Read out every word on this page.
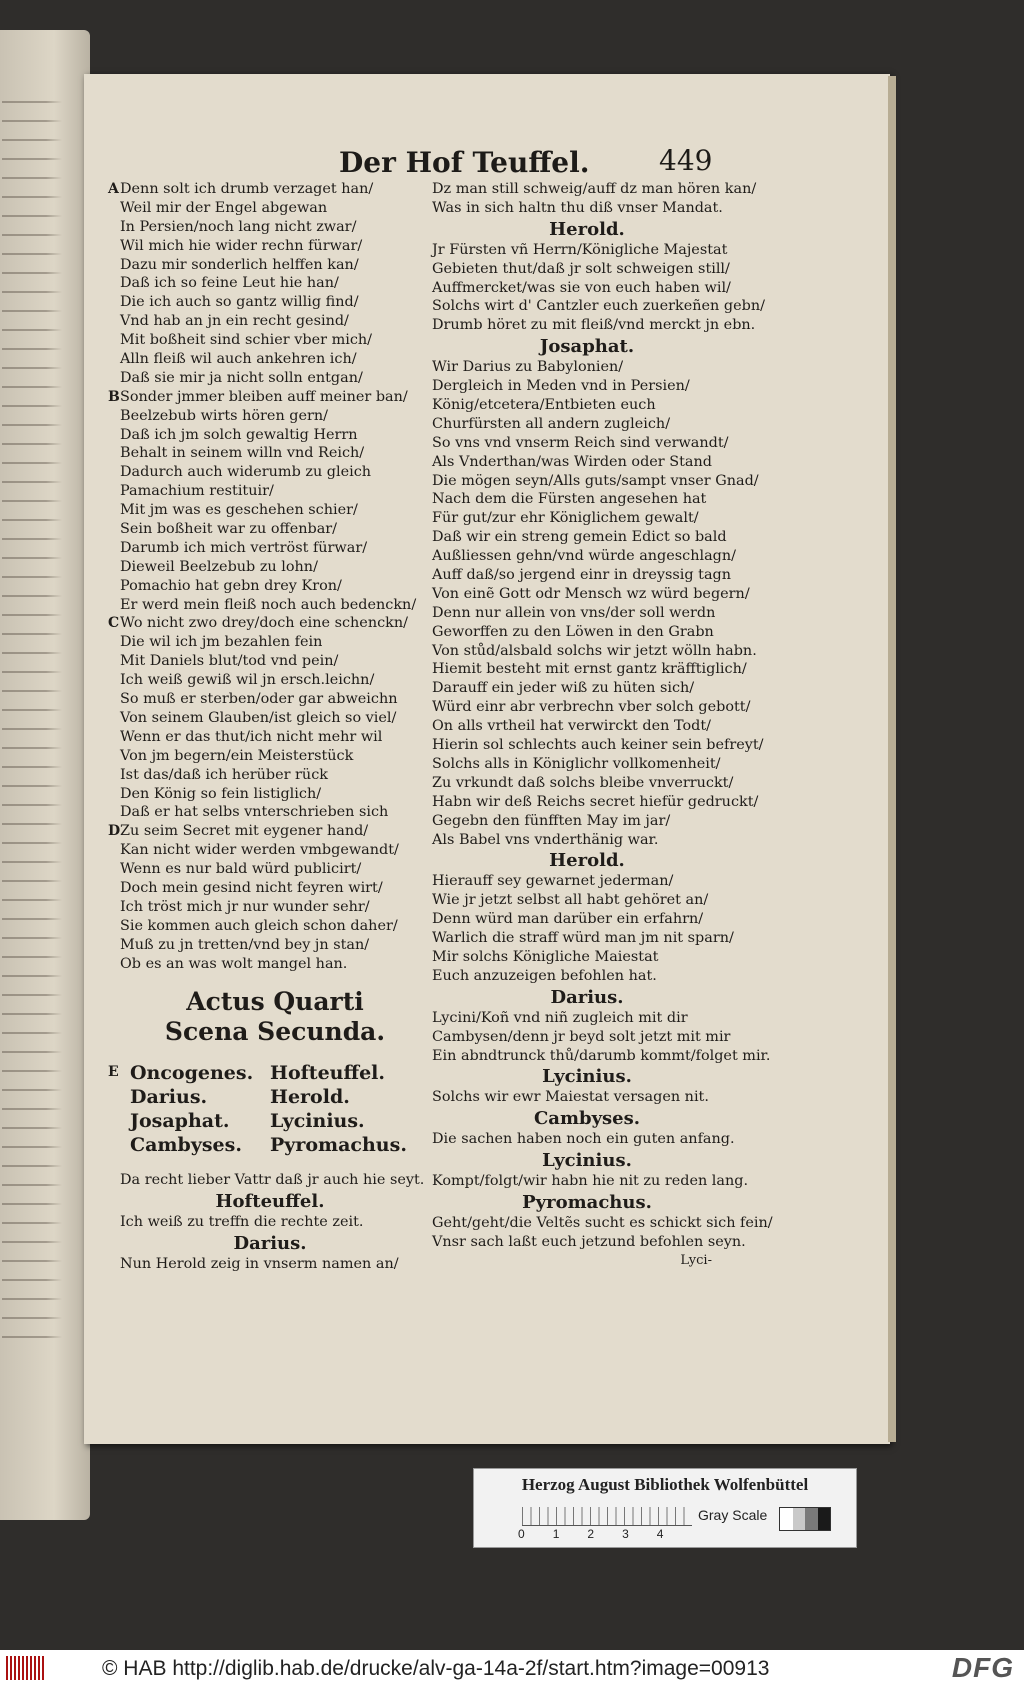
Der Hof Teuffel. 449
A Denn solt ich drumb verzaget han/
Weil mir der Engel abgewan
In Persien/noch lang nicht zwar/
Wil mich hie wider rechn fürwar/
Dazu mir sonderlich helffen kan/
Daß ich so feine Leut hie han/
Die ich auch so gantz willig find/
Vnd hab an jn ein recht gesind/
Mit boßheit sind schier vber mich/
Alln fleiß wil auch ankehren ich/
Daß sie mir ja nicht solln entgan/
B Sonder jmmer bleiben auff meiner ban/
Beelzebub wirts hören gern/
Daß ich jm solch gewaltig Herrn
Behalt in seinem willn vnd Reich/
Dadurch auch widerumb zu gleich
Pamachium restituir/
Mit jm was es geschehen schier/
Sein boßheit war zu offenbar/
Darumb ich mich vertröst fürwar/
Dieweil Beelzebub zu lohn/
Pomachio hat gebn drey Kron/
Er werd mein fleiß noch auch bedenckn/
C Wo nicht zwo drey/doch eine schenckn/
Die wil ich jm bezahlen fein
Mit Daniels blut/tod vnd pein/
Ich weiß gewiß wil jn ersch.leichn/
So muß er sterben/oder gar abweichn
Von seinem Glauben/ist gleich so viel/
Wenn er das thut/ich nicht mehr wil
Von jm begern/ein Meisterstück
Ist das/daß ich herüber rück
Den König so fein listiglich/
Daß er hat selbs vnterschrieben sich
D Zu seim Secret mit eygener hand/
Kan nicht wider werden vmbgewandt/
Wenn es nur bald würd publicirt/
Doch mein gesind nicht feyren wirt/
Ich tröst mich jr nur wunder sehr/
Sie kommen auch gleich schon daher/
Muß zu jn tretten/vnd bey jn stan/
Ob es an was wolt mangel han.
Actus Quarti
Scena Secunda.
E Oncogenes. Hofteuffel.
Darius.	Herold.
Josaphat.	Lycinius.
Cambyses.	Pyromachus.
Da recht lieber Vattr daß jr auch hie seyt.
Hofteuffel.
Ich weiß zu treffn die rechte zeit.
Darius.
Nun Herold zeig in vnserm namen an/
Dz man still schweig/auff dz man hören kan/
Was in sich haltn thu diß vnser Mandat.
Herold.
Jr Fürsten vñ Herrn/Königliche Majestat
Gebieten thut/daß jr solt schweigen still/
Auffmercket/was sie von euch haben wil/
Solchs wirt d' Cantzler euch zuerkeñen gebn/
Drumb höret zu mit fleiß/vnd merckt jn ebn.
Josaphat.
Wir Darius zu Babylonien/
Dergleich in Meden vnd in Persien/
König/etcetera/Entbieten euch
Churfürsten all andern zugleich/
So vns vnd vnserm Reich sind verwandt/
Als Vnderthan/was Wirden oder Stand
Die mögen seyn/Alls guts/sampt vnser Gnad/
Nach dem die Fürsten angesehen hat
Für gut/zur ehr Königlichem gewalt/
Daß wir ein streng gemein Edict so bald
Außliessen gehn/vnd würde angeschlagn/
Auff daß/so jergend einr in dreyssig tagn
Von einẽ Gott odr Mensch wz würd begern/
Denn nur allein von vns/der soll werdn
Geworffen zu den Löwen in den Grabn
Von stůd/alsbald solchs wir jetzt wölln habn.
Hiemit besteht mit ernst gantz kräfftiglich/
Darauff ein jeder wiß zu hüten sich/
Würd einr abr verbrechn vber solch gebott/
On alls vrtheil hat verwirckt den Todt/
Hierin sol schlechts auch keiner sein befreyt/
Solchs alls in Königlichr vollkomenheit/
Zu vrkundt daß solchs bleibe vnverruckt/
Habn wir deß Reichs secret hiefür gedruckt/
Gegebn den fünfften May im jar/
Als Babel vns vnderthänig war.
Herold.
Hierauff sey gewarnet jederman/
Wie jr jetzt selbst all habt gehöret an/
Denn würd man darüber ein erfahrn/
Warlich die straff würd man jm nit sparn/
Mir solchs Königliche Maiestat
Euch anzuzeigen befohlen hat.
Darius.
Lycini/Koñ vnd niñ zugleich mit dir
Cambysen/denn jr beyd solt jetzt mit mir
Ein abndtrunck thů/darumb kommt/folget mir.
Lycinius.
Solchs wir ewr Maiestat versagen nit.
Cambyses.
Die sachen haben noch ein guten anfang.
Lycinius.
Kompt/folgt/wir habn hie nit zu reden lang.
Pyromachus.
Geht/geht/die Veltẽs sucht es schickt sich fein/
Vnsr sach laßt euch jetzund befohlen seyn.
Lyci-
Herzog August Bibliothek Wolfenbüttel
0 1 2 3 4
Gray Scale
© HAB http://diglib.hab.de/drucke/alv-ga-14a-2f/start.htm?image=00913	DFG
